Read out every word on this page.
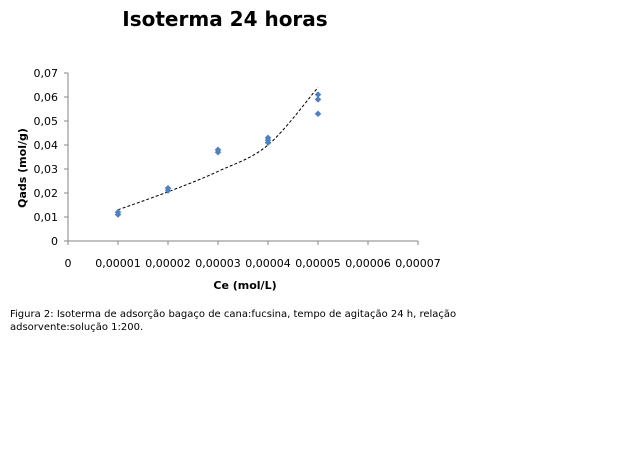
Isoterma 24 horas
0
0,01
0,02
0,03
0,04
0,05
0,06
0,07
0 0,00001 0,00002 0,00003 0,00004 0,00005 0,00006 0,00007
Ce (mol/L)
Qads (mol/g)
Figura 2: Isoterma de adsorção bagaço de cana:fucsina, tempo de agitação 24 h, relação adsorvente:solução 1:200.
